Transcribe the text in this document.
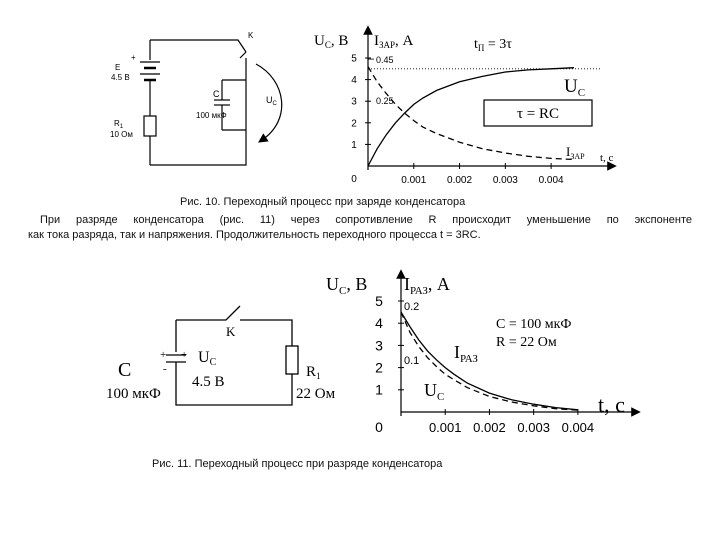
K
+
E
4.5 В
$R_1$
10 Ом
C
100 мкФ
$U_C$
5
4
3
2
1
0	0.001 0.002 0.003 0.004
0.45
0.25
$U_C$, В $I_{ЗАР}$, А
t, c
$t_П = 3\tau$
τ = RC
$U_C$
$I_{ЗАР}$
K
C
100 мкФ
+ +
-
UC
4.5 В
$R_1$
22 Ом
5
4
3
2
1
0	0.001 0.002 0.003 0.004
0.2
0.1
$U_C$, В $I_{РАЗ}$, А
t, c
C = 100 мкФ
R = 22 Ом
$I_{РАЗ}$
$U_C$
Рис. 10. Переходный процесс при заряде конденсатора
При разряде конденсатора (рис. 11) через сопротивление R происходит уменьшение по экспоненте
как тока разряда, так и напряжения. Продолжительность переходного процесса t = 3RC.
Рис. 11. Переходный процесс при разряде конденсатора
